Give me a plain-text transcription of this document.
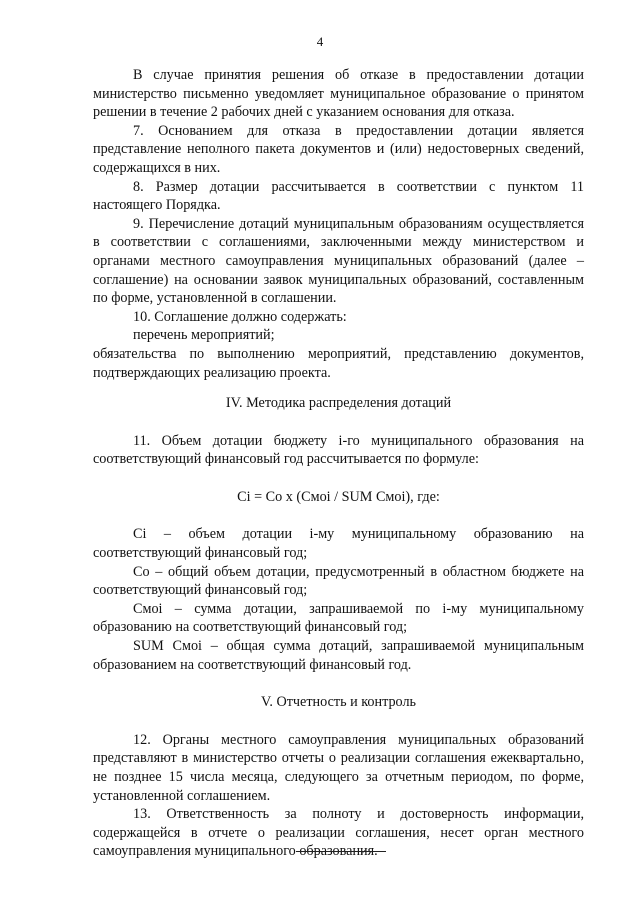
4

В случае принятия решения об отказе в предоставлении дотации министерство письменно уведомляет муниципальное образование о принятом решении в течение 2 рабочих дней с указанием основания для отказа.

7. Основанием для отказа в предоставлении дотации является представление неполного пакета документов и (или) недостоверных сведений, содержащихся в них.

8. Размер дотации рассчитывается в соответствии с пунктом 11 настоящего Порядка.

9. Перечисление дотаций муниципальным образованиям осуществляется в соответствии с соглашениями, заключенными между министерством и органами местного самоуправления муниципальных образований (далее – соглашение) на основании заявок муниципальных образований, составленным по форме, установленной в соглашении.

10. Соглашение должно содержать:

перечень мероприятий;

обязательства по выполнению мероприятий, представлению документов, подтверждающих реализацию проекта.

IV. Методика распределения дотаций

11. Объем дотации бюджету i-го муниципального образования на соответствующий финансовый год рассчитывается по формуле:

Ci = Co x (Cмоi / SUM Cмоi), где:

Ci – объем дотации i-му муниципальному образованию на соответствующий финансовый год;

Co – общий объем дотации, предусмотренный в областном бюджете на соответствующий финансовый год;

Cмоi – сумма дотации, запрашиваемой по i-му муниципальному образованию на соответствующий финансовый год;

SUM Cмоi – общая сумма дотаций, запрашиваемой муниципальным образованием на соответствующий финансовый год.

V. Отчетность и контроль

12. Органы местного самоуправления муниципальных образований представляют в министерство отчеты о реализации соглашения ежеквартально, не позднее 15 числа месяца, следующего за отчетным периодом, по форме, установленной соглашением.

13. Ответственность за полноту и достоверность информации, содержащейся в отчете о реализации соглашения, несет орган местного самоуправления муниципального образования.
